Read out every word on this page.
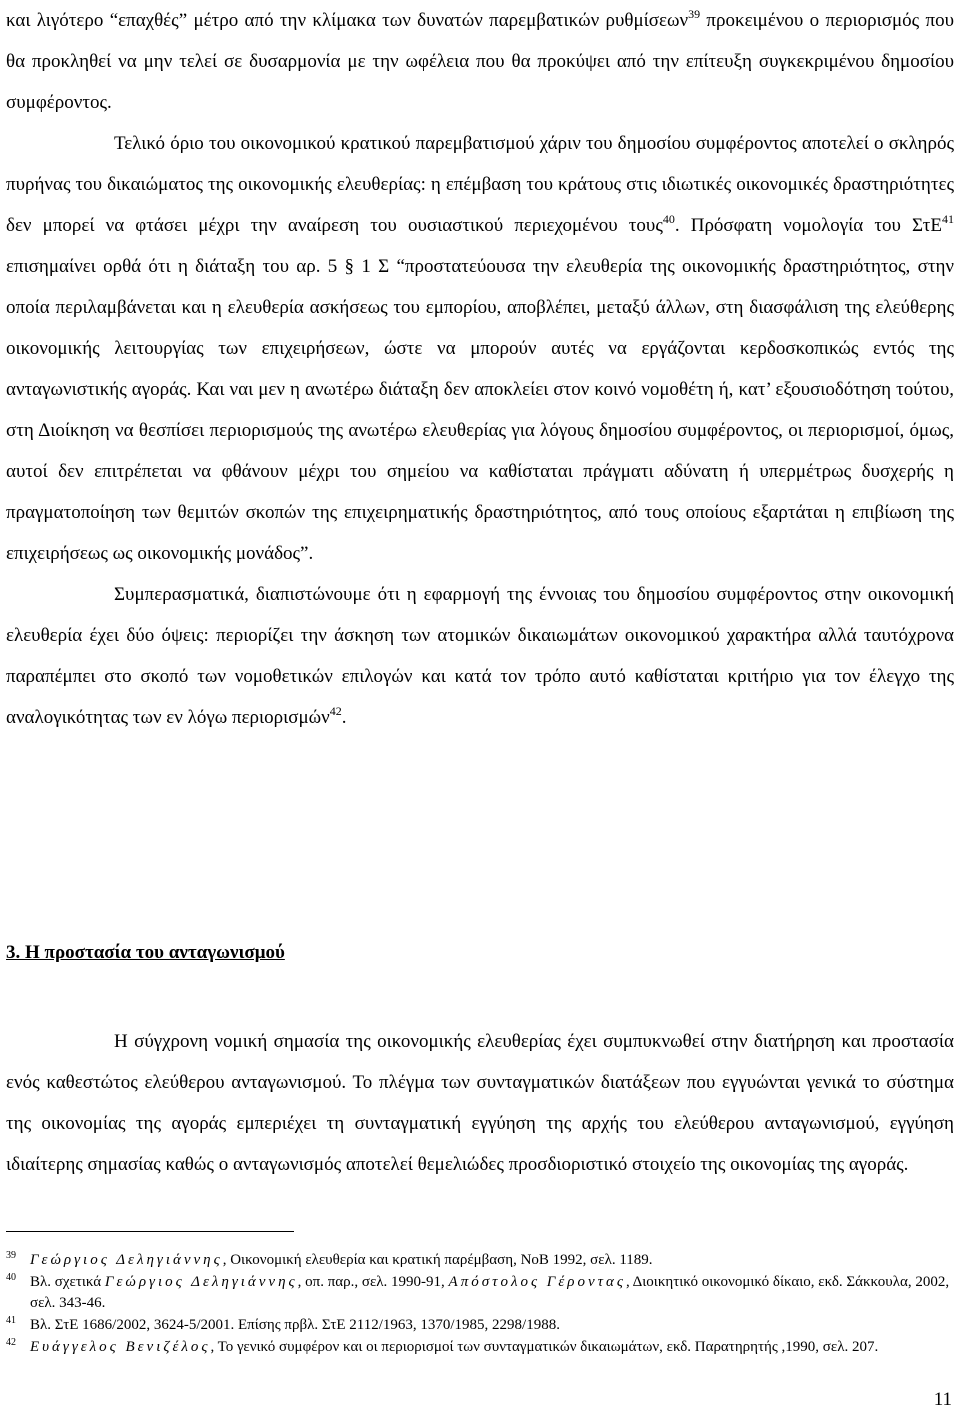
και λιγότερο “επαχθές” μέτρο από την κλίμακα των δυνατών παρεμβατικών ρυθμίσεων$^{39}$ προκειμένου ο περιορισμός που θα προκληθεί να μην τελεί σε δυσαρμονία με την ωφέλεια που θα προκύψει από την επίτευξη συγκεκριμένου δημοσίου συμφέροντος.

Τελικό όριο του οικονομικού κρατικού παρεμβατισμού χάριν του δημοσίου συμφέροντος αποτελεί ο σκληρός πυρήνας του δικαιώματος της οικονομικής ελευθερίας: η επέμβαση του κράτους στις ιδιωτικές οικονομικές δραστηριότητες δεν μπορεί να φτάσει μέχρι την αναίρεση του ουσιαστικού περιεχομένου τους$^{40}$. Πρόσφατη νομολογία του ΣτΕ$^{41}$ επισημαίνει ορθά ότι η διάταξη του αρ. 5 § 1 Σ “προστατεύουσα την ελευθερία της οικονομικής δραστηριότητος, στην οποία περιλαμβάνεται και η ελευθερία ασκήσεως του εμπορίου, αποβλέπει, μεταξύ άλλων, στη διασφάλιση της ελεύθερης οικονομικής λειτουργίας των επιχειρήσεων, ώστε να μπορούν αυτές να εργάζονται κερδοσκοπικώς εντός της ανταγωνιστικής αγοράς. Και ναι μεν η ανωτέρω διάταξη δεν αποκλείει στον κοινό νομοθέτη ή, κατ’ εξουσιοδότηση τούτου, στη Διοίκηση να θεσπίσει περιορισμούς της ανωτέρω ελευθερίας για λόγους δημοσίου συμφέροντος, οι περιορισμοί, όμως, αυτοί δεν επιτρέπεται να φθάνουν μέχρι του σημείου να καθίσταται πράγματι αδύνατη ή υπερμέτρως δυσχερής η πραγματοποίηση των θεμιτών σκοπών της επιχειρηματικής δραστηριότητος, από τους οποίους εξαρτάται η επιβίωση της επιχειρήσεως ως οικονομικής μονάδος”.

Συμπερασματικά, διαπιστώνουμε ότι η εφαρμογή της έννοιας του δημοσίου συμφέροντος στην οικονομική ελευθερία έχει δύο όψεις: περιορίζει την άσκηση των ατομικών δικαιωμάτων οικονομικού χαρακτήρα αλλά ταυτόχρονα παραπέμπει στο σκοπό των νομοθετικών επιλογών και κατά τον τρόπο αυτό καθίσταται κριτήριο για τον έλεγχο της αναλογικότητας των εν λόγω περιορισμών$^{42}$.

3. Η προστασία του ανταγωνισμού

Η σύγχρονη νομική σημασία της οικονομικής ελευθερίας έχει συμπυκνωθεί στην διατήρηση και προστασία ενός καθεστώτος ελεύθερου ανταγωνισμού. Το πλέγμα των συνταγματικών διατάξεων που εγγυώνται γενικά το σύστημα της οικονομίας της αγοράς εμπεριέχει τη συνταγματική εγγύηση της αρχής του ελεύθερου ανταγωνισμού, εγγύηση ιδιαίτερης σημασίας καθώς ο ανταγωνισμός αποτελεί θεμελιώδες προσδιοριστικό στοιχείο της οικονομίας της αγοράς.

39 Γεώργιος Δεληγιάννης, Οικονομική ελευθερία και κρατική παρέμβαση, ΝοΒ 1992, σελ. 1189.

40 Βλ. σχετικά Γεώργιος Δεληγιάννης, οπ. παρ., σελ. 1990-91, Απόστολος Γέροντας, Διοικητικό οικονομικό δίκαιο, εκδ. Σάκκουλα, 2002, σελ. 343-46.

41 Βλ. ΣτΕ 1686/2002, 3624-5/2001. Επίσης πρβλ. ΣτΕ 2112/1963, 1370/1985, 2298/1988.

42 Ευάγγελος Βενιζέλος, Το γενικό συμφέρον και οι περιορισμοί των συνταγματικών δικαιωμάτων, εκδ. Παρατηρητής ,1990, σελ. 207.

11
